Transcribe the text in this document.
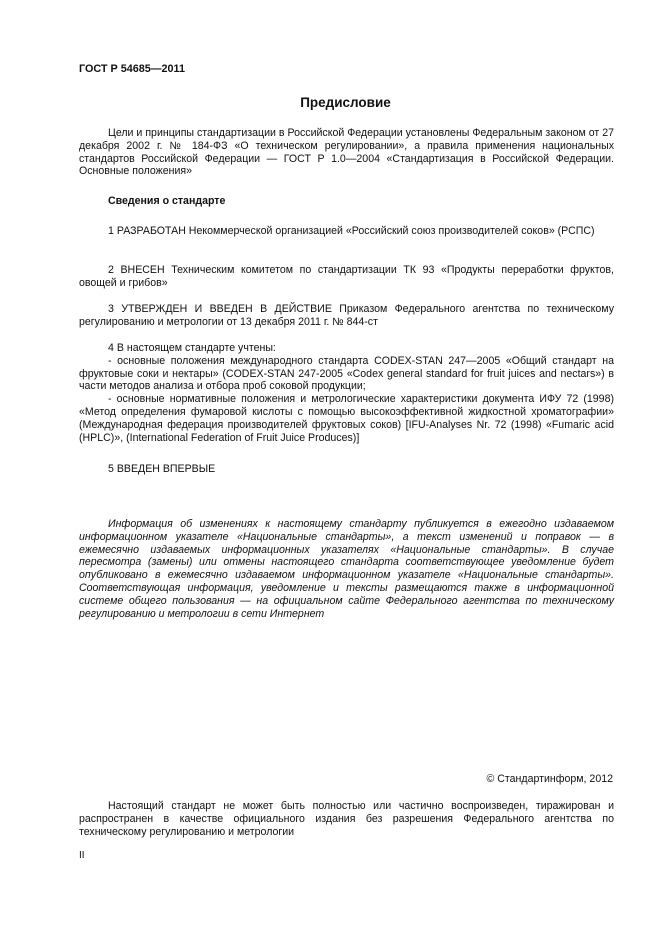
ГОСТ Р 54685—2011
Предисловие

Цели и принципы стандартизации в Российской Федерации установлены Федеральным законом от 27 декабря 2002 г. № 184-ФЗ «О техническом регулировании», а правила применения национальных стандартов Российской Федерации — ГОСТ Р 1.0—2004 «Стандартизация в Российской Федерации. Основные положения»

Сведения о стандарте

1 РАЗРАБОТАН Некоммерческой организацией «Российский союз производителей соков» (РСПС)

2 ВНЕСЕН Техническим комитетом по стандартизации ТК 93 «Продукты переработки фруктов, овощей и грибов»

3 УТВЕРЖДЕН И ВВЕДЕН В ДЕЙСТВИЕ Приказом Федерального агентства по техническому регулированию и метрологии от 13 декабря 2011 г. № 844-ст

4 В настоящем стандарте учтены:

- основные положения международного стандарта CODEX-STAN 247—2005 «Общий стандарт на фруктовые соки и нектары» (CODEX-STAN 247-2005 «Codex general standard for fruit juices and nectars») в части методов анализа и отбора проб соковой продукции;

- основные нормативные положения и метрологические характеристики документа ИФУ 72 (1998) «Метод определения фумаровой кислоты с помощью высокоэффективной жидкостной хроматографии» (Международная федерация производителей фруктовых соков) [IFU-Analyses Nr. 72 (1998) «Fumaric acid (HPLC)», (International Federation of Fruit Juice Produces)]

5 ВВЕДЕН ВПЕРВЫЕ

Информация об изменениях к настоящему стандарту публикуется в ежегодно издаваемом информационном указателе «Национальные стандарты», а текст изменений и поправок — в ежемесячно издаваемых информационных указателях «Национальные стандарты». В случае пересмотра (замены) или отмены настоящего стандарта соответствующее уведомление будет опубликовано в ежемесячно издаваемом информационном указателе «Национальные стандарты». Соответствующая информация, уведомление и тексты размещаются также в информационной системе общего пользования — на официальном сайте Федерального агентства по техническому регулированию и метрологии в сети Интернет

© Стандартинформ, 2012

Настоящий стандарт не может быть полностью или частично воспроизведен, тиражирован и распространен в качестве официального издания без разрешения Федерального агентства по техническому регулированию и метрологии

II
